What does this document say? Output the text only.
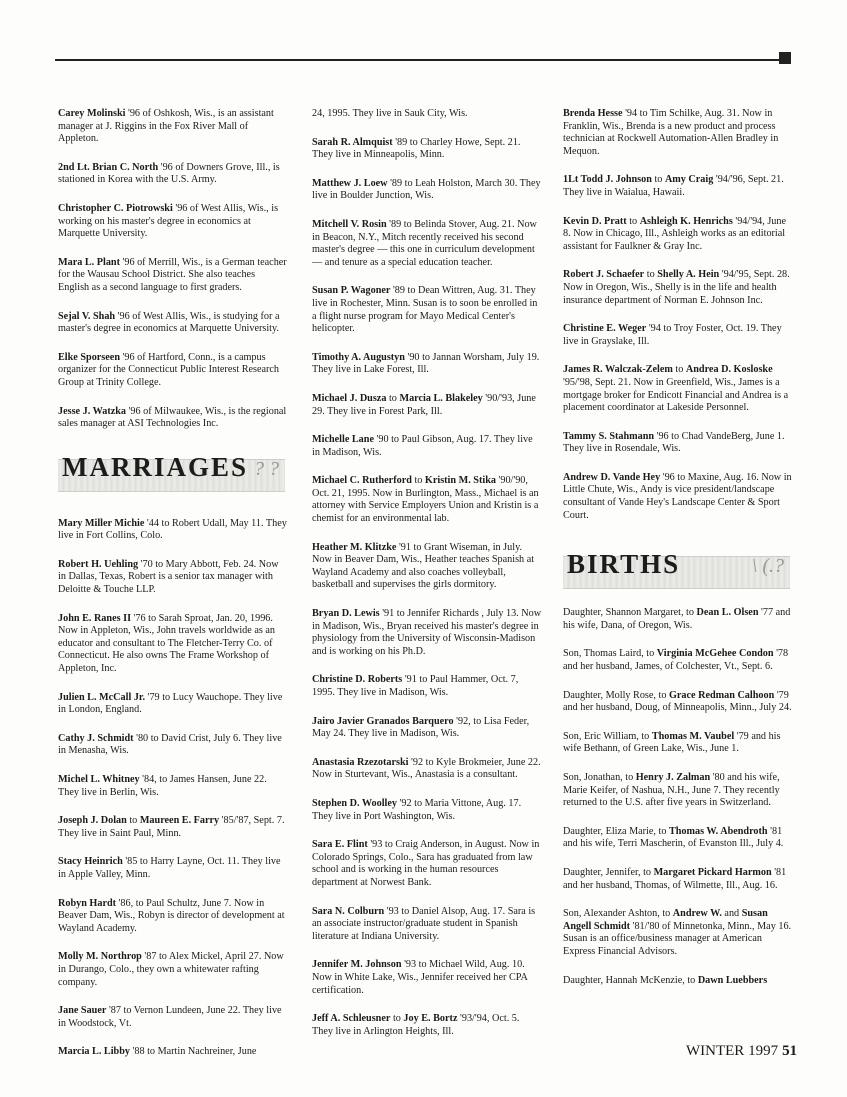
Carey Molinski '96 of Oshkosh, Wis., is an assistant manager at J. Riggins in the Fox River Mall of Appleton.
2nd Lt. Brian C. North '96 of Downers Grove, Ill., is stationed in Korea with the U.S. Army.
Christopher C. Piotrowski '96 of West Allis, Wis., is working on his master's degree in economics at Marquette University.
Mara L. Plant '96 of Merrill, Wis., is a German teacher for the Wausau School District. She also teaches English as a second language to first graders.
Sejal V. Shah '96 of West Allis, Wis., is studying for a master's degree in economics at Marquette University.
Elke Sporseen '96 of Hartford, Conn., is a campus organizer for the Connecticut Public Interest Research Group at Trinity College.
Jesse J. Watzka '96 of Milwaukee, Wis., is the regional sales manager at ASI Technologies Inc.
MARRIAGES ? ?
Mary Miller Michie '44 to Robert Udall, May 11. They live in Fort Collins, Colo.
Robert H. Uehling '70 to Mary Abbott, Feb. 24. Now in Dallas, Texas, Robert is a senior tax manager with Deloitte & Touche LLP.
John E. Ranes II '76 to Sarah Sproat, Jan. 20, 1996. Now in Appleton, Wis., John travels worldwide as an educator and consultant to The Fletcher-Terry Co. of Connecticut. He also owns The Frame Workshop of Appleton, Inc.
Julien L. McCall Jr. '79 to Lucy Wauchope. They live in London, England.
Cathy J. Schmidt '80 to David Crist, July 6. They live in Menasha, Wis.
Michel L. Whitney '84, to James Hansen, June 22. They live in Berlin, Wis.
Joseph J. Dolan to Maureen E. Farry '85/'87, Sept. 7. They live in Saint Paul, Minn.
Stacy Heinrich '85 to Harry Layne, Oct. 11. They live in Apple Valley, Minn.
Robyn Hardt '86, to Paul Schultz, June 7. Now in Beaver Dam, Wis., Robyn is director of development at Wayland Academy.
Molly M. Northrop '87 to Alex Mickel, April 27. Now in Durango, Colo., they own a whitewater rafting company.
Jane Sauer '87 to Vernon Lundeen, June 22. They live in Woodstock, Vt.
Marcia L. Libby '88 to Martin Nachreiner, June
24, 1995. They live in Sauk City, Wis.
Sarah R. Almquist '89 to Charley Howe, Sept. 21. They live in Minneapolis, Minn.
Matthew J. Loew '89 to Leah Holston, March 30. They live in Boulder Junction, Wis.
Mitchell V. Rosin '89 to Belinda Stover, Aug. 21. Now in Beacon, N.Y., Mitch recently received his second master's degree — this one in curriculum development — and tenure as a special education teacher.
Susan P. Wagoner '89 to Dean Wittren, Aug. 31. They live in Rochester, Minn. Susan is to soon be enrolled in a flight nurse program for Mayo Medical Center's helicopter.
Timothy A. Augustyn '90 to Jannan Worsham, July 19. They live in Lake Forest, Ill.
Michael J. Dusza to Marcia L. Blakeley '90/'93, June 29. They live in Forest Park, Ill.
Michelle Lane '90 to Paul Gibson, Aug. 17. They live in Madison, Wis.
Michael C. Rutherford to Kristin M. Stika '90/'90, Oct. 21, 1995. Now in Burlington, Mass., Michael is an attorney with Service Employers Union and Kristin is a chemist for an environmental lab.
Heather M. Klitzke '91 to Grant Wiseman, in July. Now in Beaver Dam, Wis., Heather teaches Spanish at Wayland Academy and also coaches volleyball, basketball and supervises the girls dormitory.
Bryan D. Lewis '91 to Jennifer Richards , July 13. Now in Madison, Wis., Bryan received his master's degree in physiology from the University of Wisconsin-Madison and is working on his Ph.D.
Christine D. Roberts '91 to Paul Hammer, Oct. 7, 1995. They live in Madison, Wis.
Jairo Javier Granados Barquero '92, to Lisa Feder, May 24. They live in Madison, Wis.
Anastasia Rzezotarski '92 to Kyle Brokmeier, June 22. Now in Sturtevant, Wis., Anastasia is a consultant.
Stephen D. Woolley '92 to Maria Vittone, Aug. 17. They live in Port Washington, Wis.
Sara E. Flint '93 to Craig Anderson, in August. Now in Colorado Springs, Colo., Sara has graduated from law school and is working in the human resources department at Norwest Bank.
Sara N. Colburn '93 to Daniel Alsop, Aug. 17. Sara is an associate instructor/graduate student in Spanish literature at Indiana University.
Jennifer M. Johnson '93 to Michael Wild, Aug. 10. Now in White Lake, Wis., Jennifer received her CPA certification.
Jeff A. Schleusner to Joy E. Bortz '93/'94, Oct. 5. They live in Arlington Heights, Ill.
Brenda Hesse '94 to Tim Schilke, Aug. 31. Now in Franklin, Wis., Brenda is a new product and process technician at Rockwell Automation-Allen Bradley in Mequon.
1Lt Todd J. Johnson to Amy Craig '94/'96, Sept. 21. They live in Waialua, Hawaii.
Kevin D. Pratt to Ashleigh K. Henrichs '94/'94, June 8. Now in Chicago, Ill., Ashleigh works as an editorial assistant for Faulkner & Gray Inc.
Robert J. Schaefer to Shelly A. Hein '94/'95, Sept. 28. Now in Oregon, Wis., Shelly is in the life and health insurance department of Norman E. Johnson Inc.
Christine E. Weger '94 to Troy Foster, Oct. 19. They live in Grayslake, Ill.
James R. Walczak-Zelem to Andrea D. Kosloske '95/'98, Sept. 21. Now in Greenfield, Wis., James is a mortgage broker for Endicott Financial and Andrea is a placement coordinator at Lakeside Personnel.
Tammy S. Stahmann '96 to Chad VandeBerg, June 1. They live in Rosendale, Wis.
Andrew D. Vande Hey '96 to Maxine, Aug. 16. Now in Little Chute, Wis., Andy is vice president/landscape consultant of Vande Hey's Landscape Center & Sport Court.
BIRTHS	\ (.?
Daughter, Shannon Margaret, to Dean L. Olsen '77 and his wife, Dana, of Oregon, Wis.
Son, Thomas Laird, to Virginia McGehee Condon '78 and her husband, James, of Colchester, Vt., Sept. 6.
Daughter, Molly Rose, to Grace Redman Calhoon '79 and her husband, Doug, of Minneapolis, Minn., July 24.
Son, Eric William, to Thomas M. Vaubel '79 and his wife Bethann, of Green Lake, Wis., June 1.
Son, Jonathan, to Henry J. Zalman '80 and his wife, Marie Keifer, of Nashua, N.H., June 7. They recently returned to the U.S. after five years in Switzerland.
Daughter, Eliza Marie, to Thomas W. Abendroth '81 and his wife, Terri Mascherin, of Evanston Ill., July 4.
Daughter, Jennifer, to Margaret Pickard Harmon '81 and her husband, Thomas, of Wilmette, Ill., Aug. 16.
Son, Alexander Ashton, to Andrew W. and Susan Angell Schmidt '81/'80 of Minnetonka, Minn., May 16. Susan is an office/business manager at American Express Financial Advisors.
Daughter, Hannah McKenzie, to Dawn Luebbers
WINTER 1997 51
